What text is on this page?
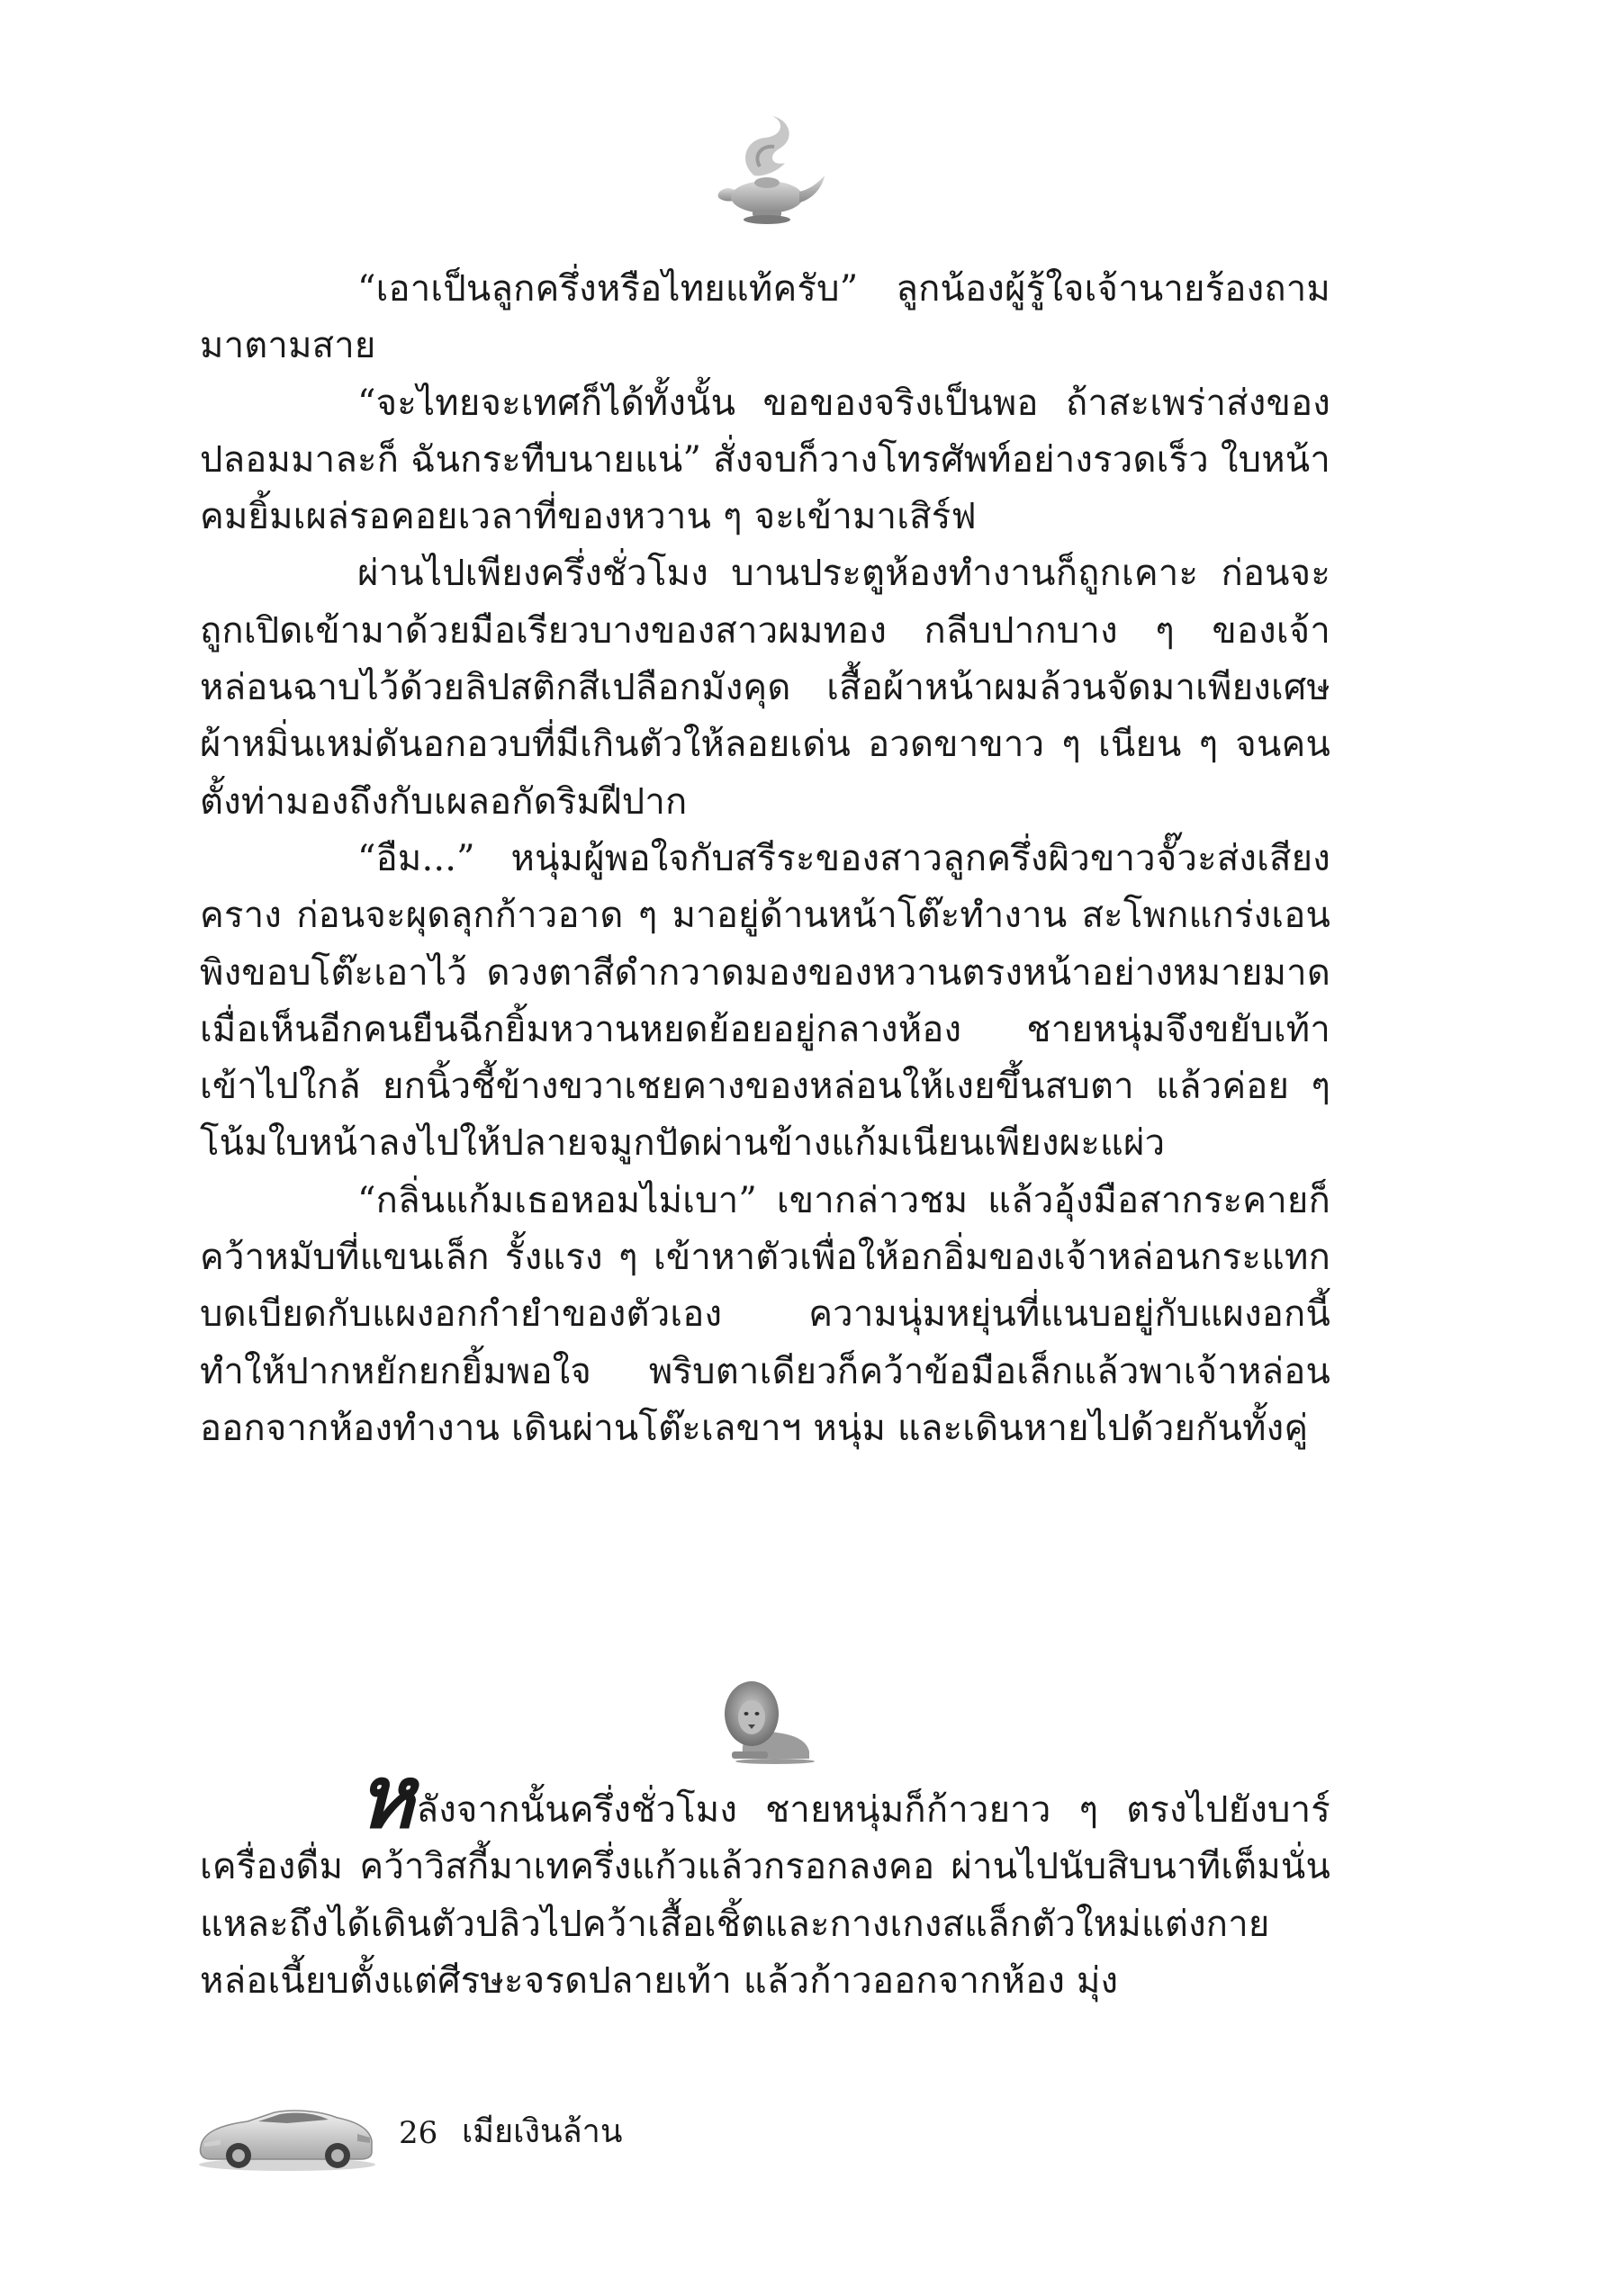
“เอาเป็นลูกครึ่งหรือไทยแท้ครับ” ลูกน้องผู้รู้ใจเจ้านายร้องถามมาตามสาย

“จะไทยจะเทศก็ได้ทั้งนั้น ขอของจริงเป็นพอ ถ้าสะเพร่าส่งของปลอมมาละก็ ฉันกระทืบนายแน่” สั่งจบก็วางโทรศัพท์อย่างรวดเร็ว ใบหน้าคมยิ้มเผล่รอคอยเวลาที่ของหวาน ๆ จะเข้ามาเสิร์ฟ

ผ่านไปเพียงครึ่งชั่วโมง บานประตูห้องทำงานก็ถูกเคาะ ก่อนจะถูกเปิดเข้ามาด้วยมือเรียวบางของสาวผมทอง กลีบปากบาง ๆ ของเจ้าหล่อนฉาบไว้ด้วยลิปสติกสีเปลือกมังคุด เสื้อผ้าหน้าผมล้วนจัดมาเพียงเศษผ้าหมิ่นเหม่ดันอกอวบที่มีเกินตัวให้ลอยเด่น อวดขาขาว ๆ เนียน ๆ จนคนตั้งท่ามองถึงกับเผลอกัดริมฝีปาก

“อืม...” หนุ่มผู้พอใจกับสรีระของสาวลูกครึ่งผิวขาวจั๊วะส่งเสียงคราง ก่อนจะผุดลุกก้าวอาด ๆ มาอยู่ด้านหน้าโต๊ะทำงาน สะโพกแกร่งเอนพิงขอบโต๊ะเอาไว้ ดวงตาสีดำกวาดมองของหวานตรงหน้าอย่างหมายมาด เมื่อเห็นอีกคนยืนฉีกยิ้มหวานหยดย้อยอยู่กลางห้อง ชายหนุ่มจึงขยับเท้าเข้าไปใกล้ ยกนิ้วชี้ข้างขวาเชยคางของหล่อนให้เงยขึ้นสบตา แล้วค่อย ๆ โน้มใบหน้าลงไปให้ปลายจมูกปัดผ่านข้างแก้มเนียนเพียงผะแผ่ว

“กลิ่นแก้มเธอหอมไม่เบา” เขากล่าวชม แล้วอุ้งมือสากระคายก็คว้าหมับที่แขนเล็ก รั้งแรง ๆ เข้าหาตัวเพื่อให้อกอิ่มของเจ้าหล่อนกระแทกบดเบียดกับแผงอกกำยำของตัวเอง ความนุ่มหยุ่นที่แนบอยู่กับแผงอกนี้ทำให้ปากหยักยกยิ้มพอใจ พริบตาเดียวก็คว้าข้อมือเล็กแล้วพาเจ้าหล่อนออกจากห้องทำงาน เดินผ่านโต๊ะเลขาฯ หนุ่ม และเดินหายไปด้วยกันทั้งคู่

หลังจากนั้นครึ่งชั่วโมง ชายหนุ่มก็ก้าวยาว ๆ ตรงไปยังบาร์เครื่องดื่ม คว้าวิสกี้มาเทครึ่งแก้วแล้วกรอกลงคอ ผ่านไปนับสิบนาทีเต็มนั่นแหละถึงได้เดินตัวปลิวไปคว้าเสื้อเชิ้ตและกางเกงสแล็กตัวใหม่แต่งกายหล่อเนี้ยบตั้งแต่ศีรษะจรดปลายเท้า แล้วก้าวออกจากห้อง มุ่ง

26 เมียเงินล้าน
